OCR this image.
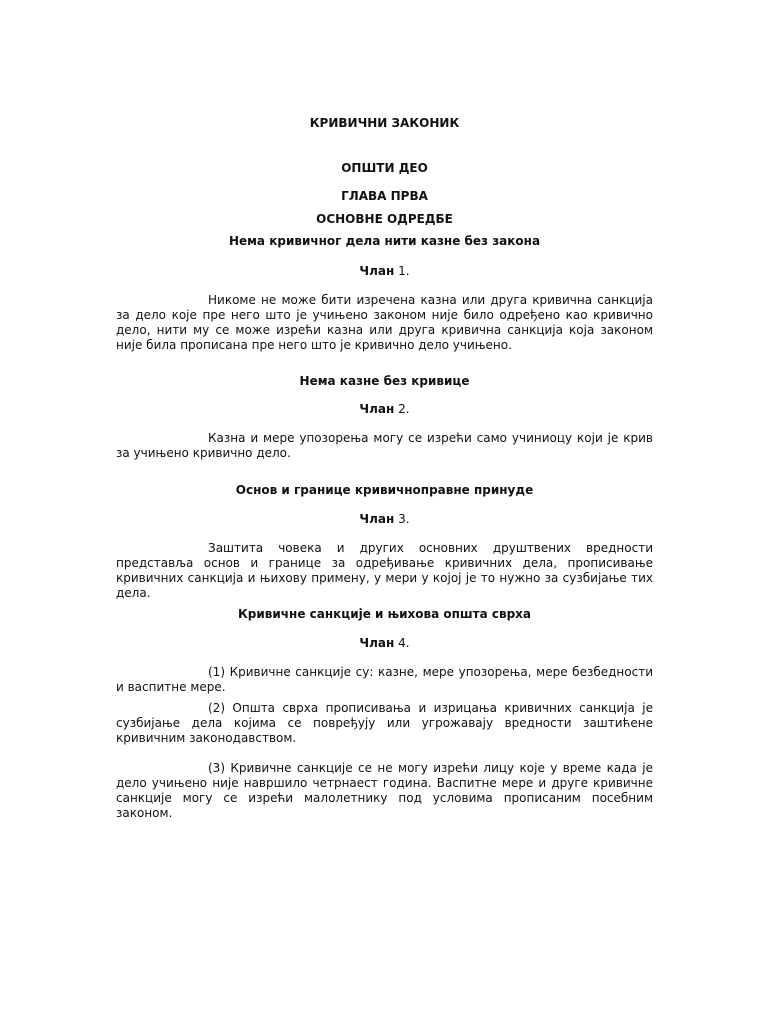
КРИВИЧНИ ЗАКОНИК

ОПШТИ ДЕО

ГЛАВА ПРВА

ОСНОВНЕ ОДРЕДБЕ

Нема кривичног дела нити казне без закона

Члан 1.

Никоме не може бити изречена казна или друга кривична санкција за дело које пре него што је учињено законом није било одређено као кривично дело, нити му се може изрећи казна или друга кривична санкција која законом није била прописана пре него што је кривично дело учињено.

Нема казне без кривице

Члан 2.

Казна и мере упозорења могу се изрећи само учиниоцу који је крив за учињено кривично дело.

Основ и границе кривичноправне принуде

Члан 3.

Заштита човека и других основних друштвених вредности представља основ и границе за одређивање кривичних дела, прописивање кривичних санкција и њихову примену, у мери у којој је то нужно за сузбијање тих дела.

Кривичне санкције и њихова општа сврха

Члан 4.

(1) Кривичне санкције су: казне, мере упозорења, мере безбедности и васпитне мере.

(2) Општа сврха прописивања и изрицања кривичних санкција је сузбијање дела којима се повређују или угрожавају вредности заштићене кривичним законодавством.

(3) Кривичне санкције се не могу изрећи лицу које у време када је дело учињено није навршило четрнаест година. Васпитне мере и друге кривичне санкције могу се изрећи малолетнику под условима прописаним посебним законом.
